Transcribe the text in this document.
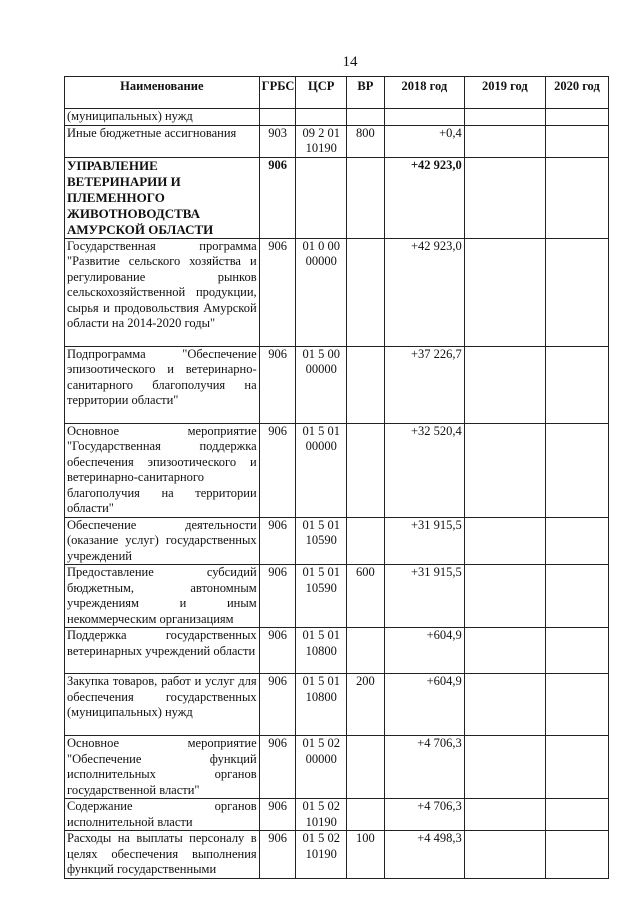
14
Наименование	ГРБС	ЦСР	ВР	2018 год	2019 год	2020 год
(муниципальных) нужд						
Иные бюджетные ассигнования	903	09 2 01 10190	800	+0,4		
УПРАВЛЕНИЕ ВЕТЕРИНАРИИ И ПЛЕМЕННОГО ЖИВОТНОВОДСТВА АМУРСКОЙ ОБЛАСТИ	906			+42 923,0		
Государственная программа "Развитие сельского хозяйства и регулирование рынков сельскохозяйственной продукции, сырья и продовольствия Амурской области на 2014-2020 годы"	906	01 0 00 00000		+42 923,0		
Подпрограмма "Обеспечение эпизоотического и ветеринарно-санитарного благополучия на территории области"	906	01 5 00 00000		+37 226,7		
Основное мероприятие "Государственная поддержка обеспечения эпизоотического и ветеринарно-санитарного благополучия на территории области"	906	01 5 01 00000		+32 520,4		
Обеспечение деятельности (оказание услуг) государственных учреждений	906	01 5 01 10590		+31 915,5		
Предоставление субсидий бюджетным, автономным учреждениям и иным некоммерческим организациям	906	01 5 01 10590	600	+31 915,5		
Поддержка государственных ветеринарных учреждений области	906	01 5 01 10800		+604,9		
Закупка товаров, работ и услуг для обеспечения государственных (муниципальных) нужд	906	01 5 01 10800	200	+604,9		
Основное мероприятие "Обеспечение функций исполнительных органов государственной власти"	906	01 5 02 00000		+4 706,3		
Содержание органов исполнительной власти	906	01 5 02 10190		+4 706,3		
Расходы на выплаты персоналу в целях обеспечения выполнения функций государственными	906	01 5 02 10190	100	+4 498,3		
